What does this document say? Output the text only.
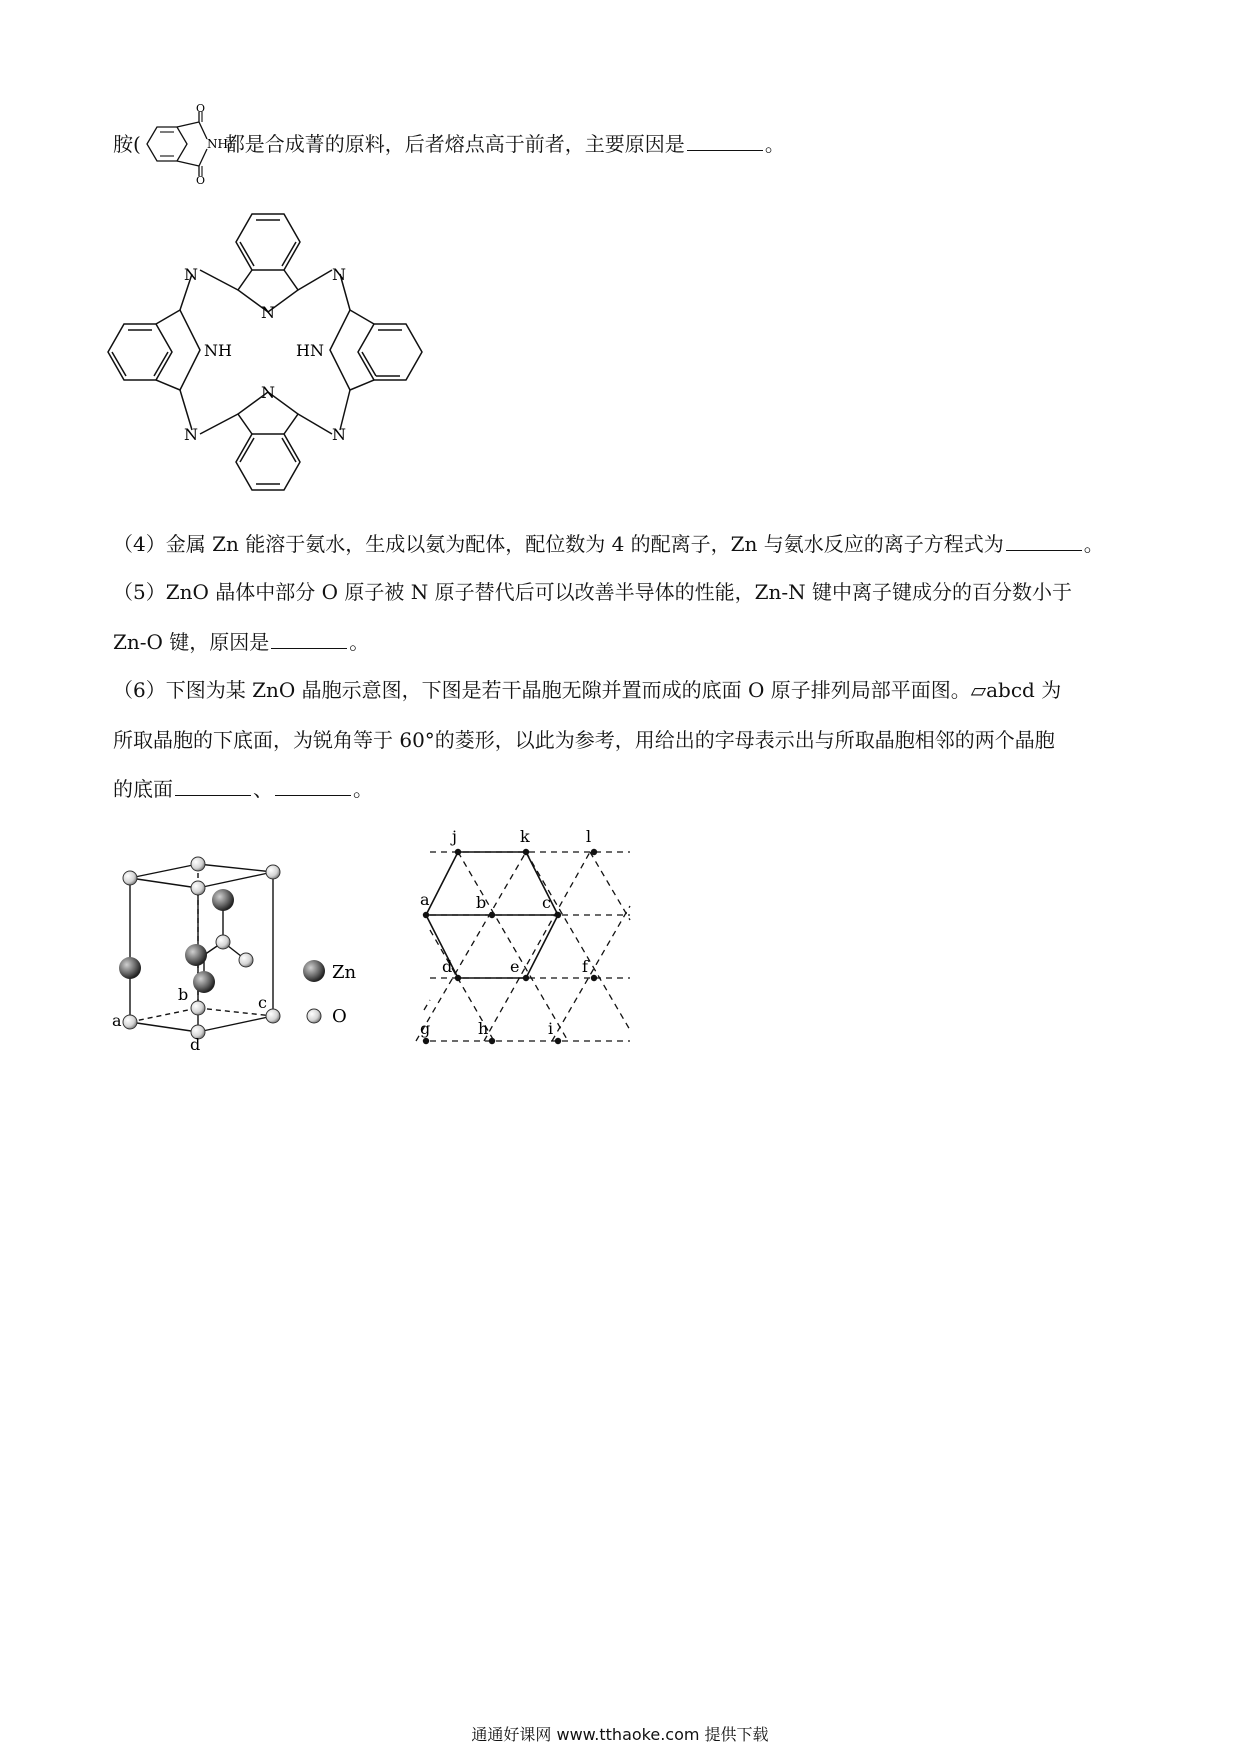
胺(
O
O
NH)
都是合成菁的原料，后者熔点高于前者，主要原因是	。
N
N	N
N
N	N
NH	HN
（4）金属 Zn 能溶于氨水，生成以氨为配体，配位数为 4 的配离子，Zn 与氨水反应的离子方程式为	。
（5）ZnO 晶体中部分 O 原子被 N 原子替代后可以改善半导体的性能，Zn-N 键中离子键成分的百分数小于
Zn-O 键，原因是	。
（6）下图为某 ZnO 晶胞示意图，下图是若干晶胞无隙并置而成的底面 O 原子排列局部平面图。▱abcd 为
所取晶胞的下底面，为锐角等于 60°的菱形，以此为参考，用给出的字母表示出与所取晶胞相邻的两个晶胞
的底面	、	。
a
b	c
d
Zn
O
j	k	l
a	b	c
d	e	f
g	h	i
通通好课网 www.tthaoke.com 提供下载
